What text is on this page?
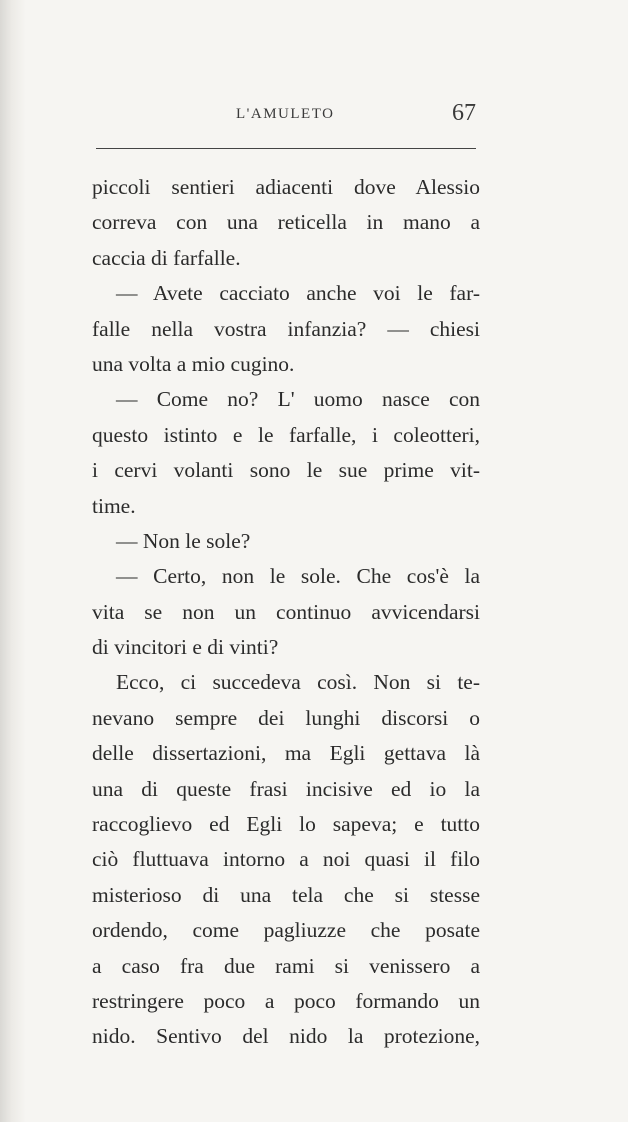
L'AMULETO	67
piccoli sentieri adiacenti dove Alessio
correva con una reticella in mano a
caccia di farfalle.
— Avete cacciato anche voi le far-
falle nella vostra infanzia? — chiesi
una volta a mio cugino.
— Come no? L' uomo nasce con
questo istinto e le farfalle, i coleotteri,
i cervi volanti sono le sue prime vit-
time.
— Non le sole?
— Certo, non le sole. Che cos'è la
vita se non un continuo avvicendarsi
di vincitori e di vinti?
Ecco, ci succedeva così. Non si te-
nevano sempre dei lunghi discorsi o
delle dissertazioni, ma Egli gettava là
una di queste frasi incisive ed io la
raccoglievo ed Egli lo sapeva; e tutto
ciò fluttuava intorno a noi quasi il filo
misterioso di una tela che si stesse
ordendo, come pagliuzze che posate
a caso fra due rami si venissero a
restringere poco a poco formando un
nido. Sentivo del nido la protezione,
